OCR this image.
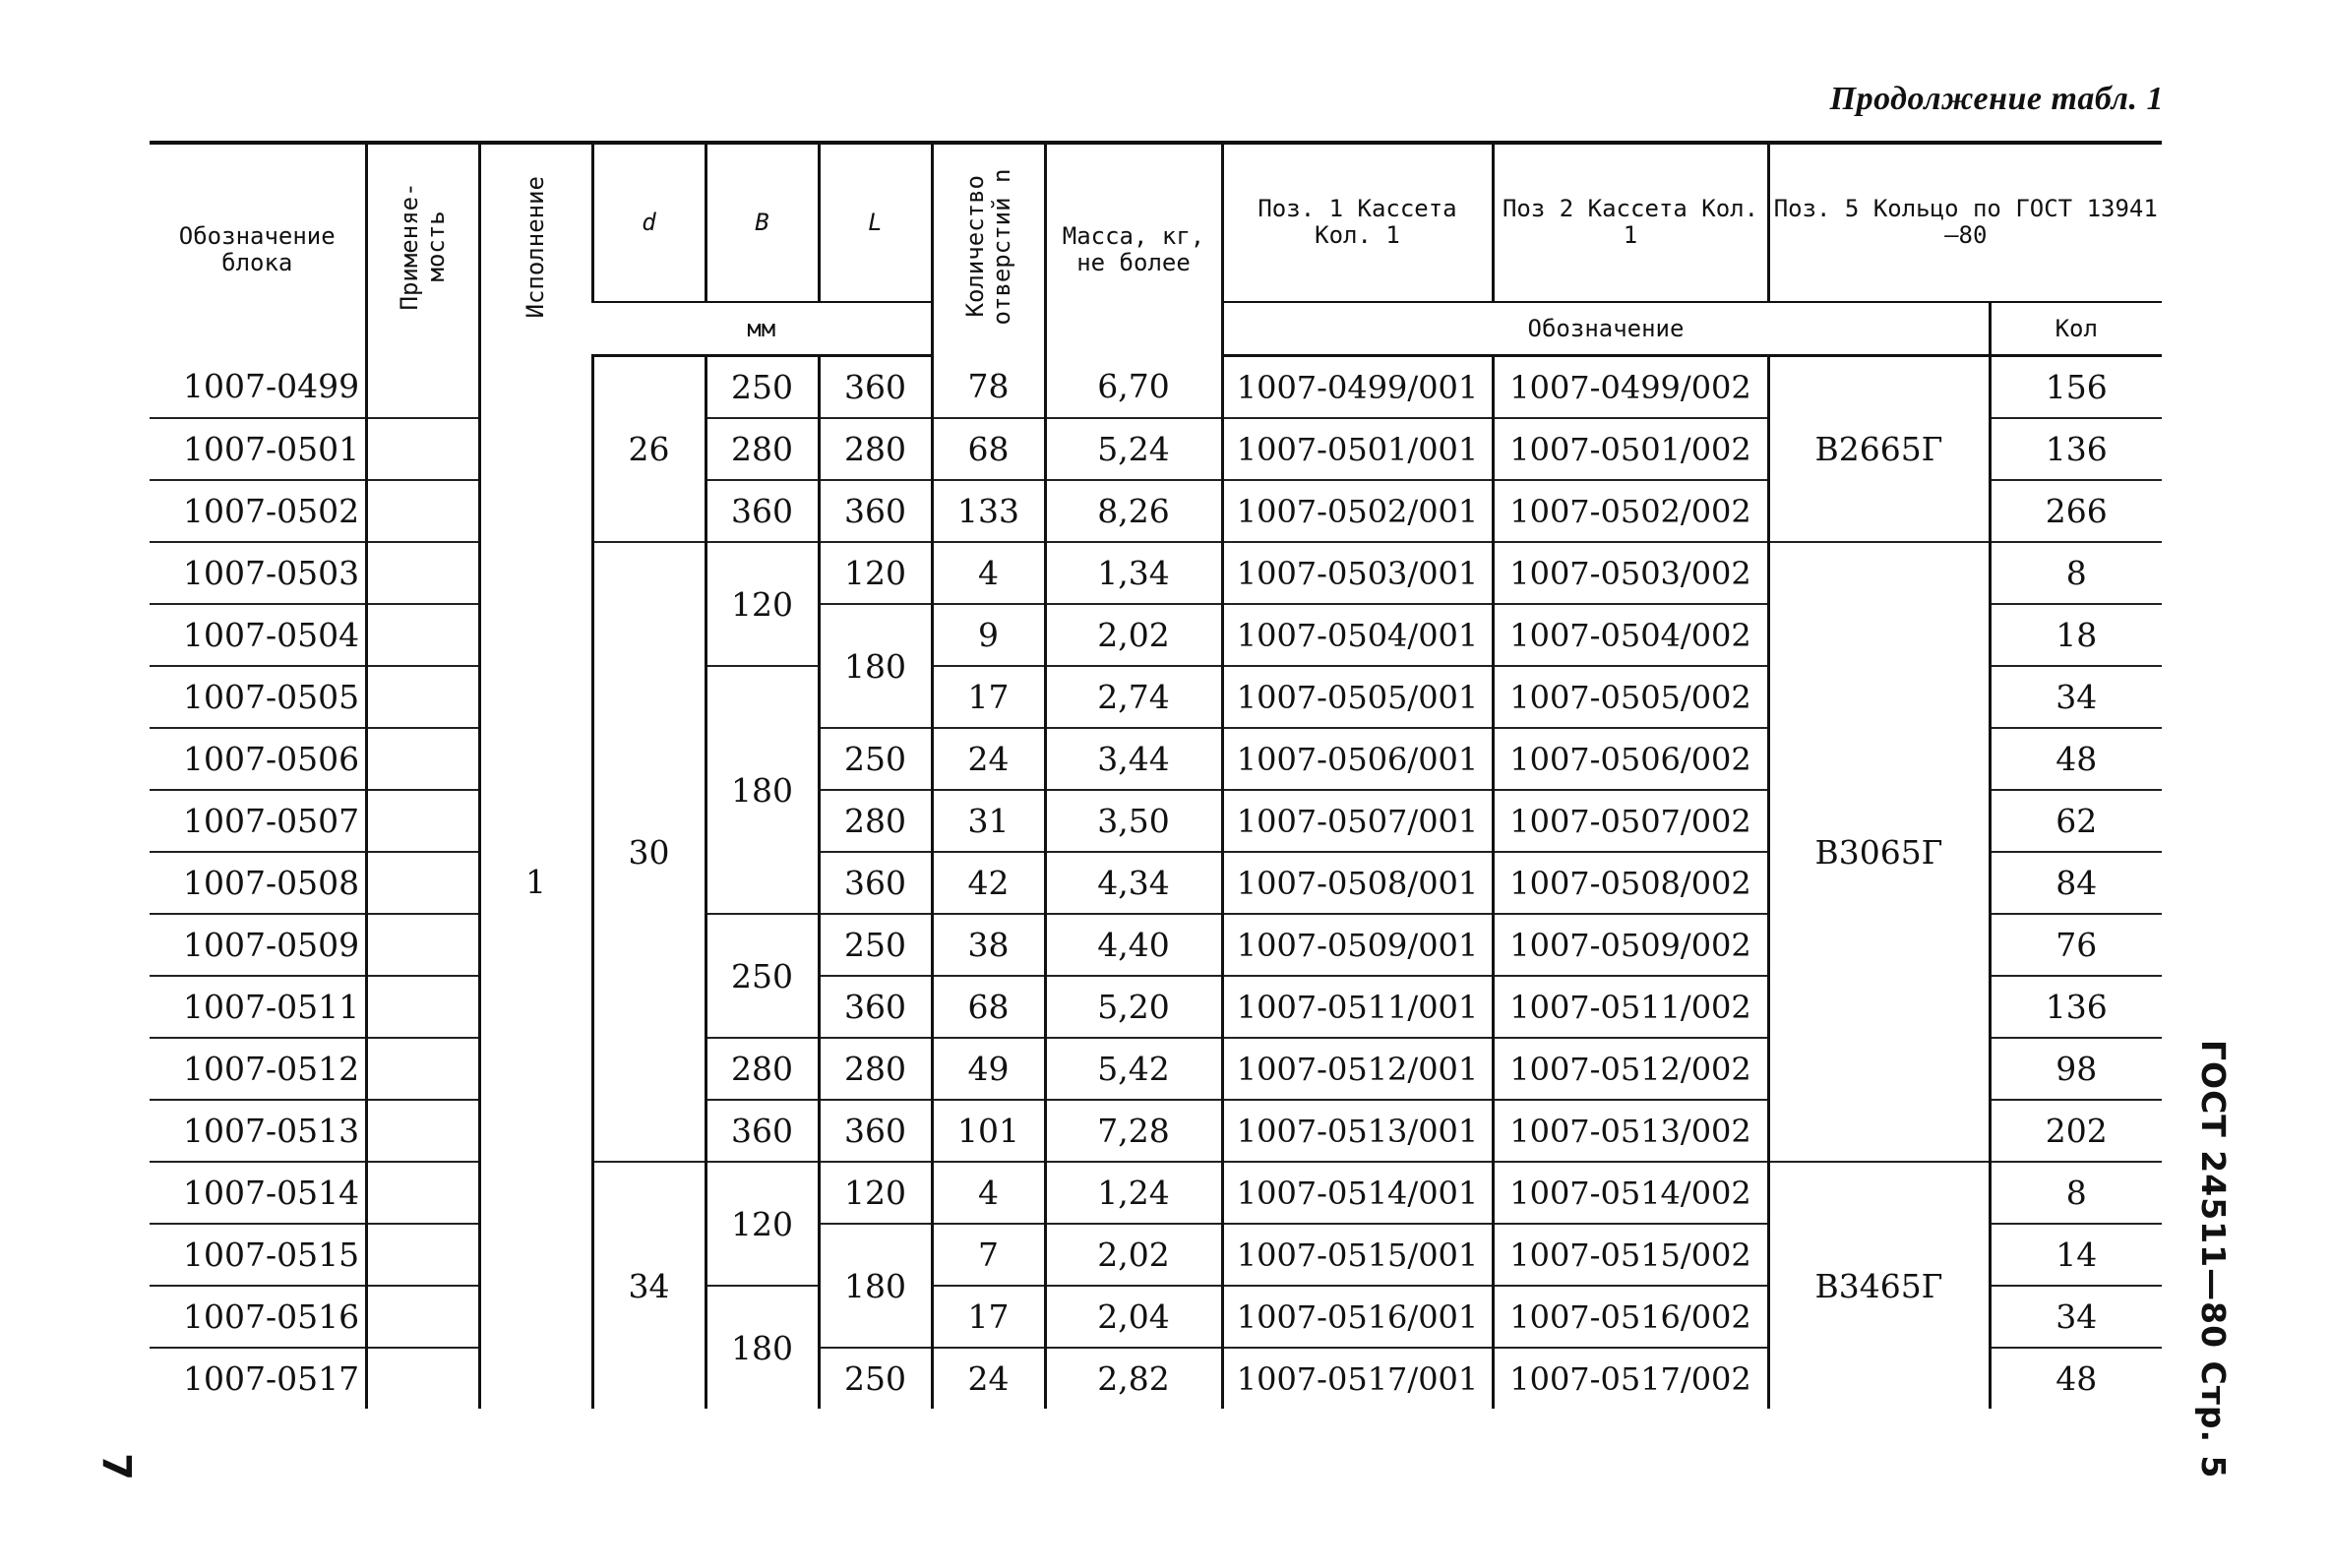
Продолжение табл. 1
Обозначение блока	Применяе- мость	Исполнение	d	B	L	Количество отверстий n	Масса, кг, не более	Поз. 1 Кассета Кол. 1	Поз 2 Кассета Кол. 1	Поз. 5 Кольцо по ГОСТ 13941—80	
			мм					Обозначение			Кол
1007-0499		1	26	250	360	78	6,70	1007-0499/001	1007-0499/002	В2665Г	156
1007-0501				280	280	68	5,24	1007-0501/001	1007-0501/002		136
1007-0502				360	360	133	8,26	1007-0502/001	1007-0502/002		266
1007-0503			30	120	120	4	1,34	1007-0503/001	1007-0503/002	В3065Г	8
1007-0504					180	9	2,02	1007-0504/001	1007-0504/002		18
1007-0505				180		17	2,74	1007-0505/001	1007-0505/002		34
1007-0506					250	24	3,44	1007-0506/001	1007-0506/002		48
1007-0507					280	31	3,50	1007-0507/001	1007-0507/002		62
1007-0508					360	42	4,34	1007-0508/001	1007-0508/002		84
1007-0509				250	250	38	4,40	1007-0509/001	1007-0509/002		76
1007-0511					360	68	5,20	1007-0511/001	1007-0511/002		136
1007-0512				280	280	49	5,42	1007-0512/001	1007-0512/002		98
1007-0513				360	360	101	7,28	1007-0513/001	1007-0513/002		202
1007-0514			34	120	120	4	1,24	1007-0514/001	1007-0514/002	В3465Г	8
1007-0515					180	7	2,02	1007-0515/001	1007-0515/002		14
1007-0516				180		17	2,04	1007-0516/001	1007-0516/002		34
1007-0517					250	24	2,82	1007-0517/001	1007-0517/002		48	ГОСТ 24511—80 Стр. 5
7
